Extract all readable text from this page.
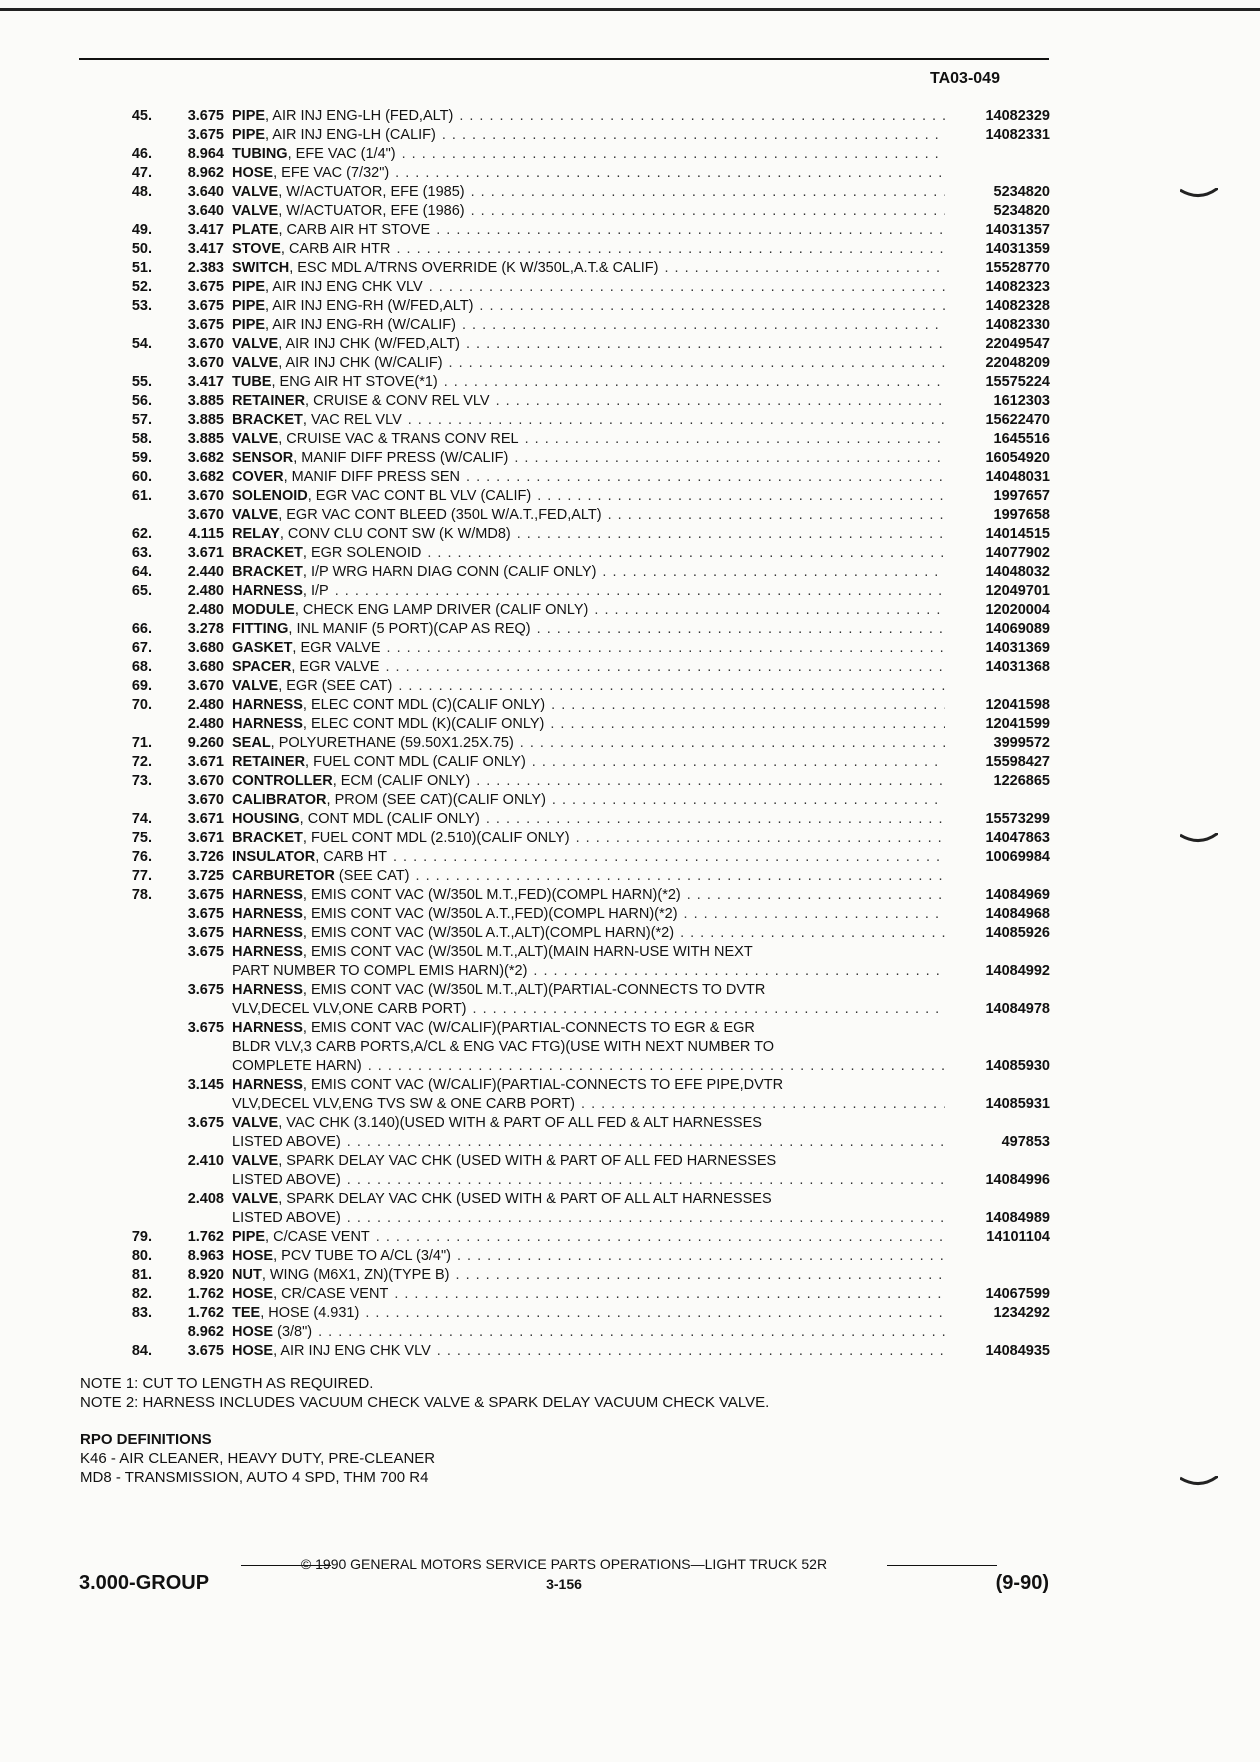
TA03-049
45.	3.675 PIPE, AIR INJ ENG-LH (FED,ALT) . . .	14082329
3.675 PIPE, AIR INJ ENG-LH (CALIF) . . .	14082331
46.	8.964 TUBING, EFE VAC (1/4")
. . .
47.	8.962 HOSE, EFE VAC (7/32")
. . .
48.	3.640 VALVE, W/ACTUATOR, EFE (1985) . . .	5234820
3.640 VALVE, W/ACTUATOR, EFE (1986) . . .	5234820
49.	3.417 PLATE, CARB AIR HT STOVE . . .	14031357
50.	3.417 STOVE, CARB AIR HTR . . .	14031359
51.	2.383 SWITCH, ESC MDL A/TRNS OVERRIDE (K W/350L,A.T.& CALIF) . . .	15528770
52.	3.675 PIPE, AIR INJ ENG CHK VLV . . .	14082323
53.	3.675 PIPE, AIR INJ ENG-RH (W/FED,ALT) . . .	14082328
3.675 PIPE, AIR INJ ENG-RH (W/CALIF) . . .	14082330
54.	3.670 VALVE, AIR INJ CHK (W/FED,ALT) . . .	22049547
3.670 VALVE, AIR INJ CHK (W/CALIF) . . .	22048209
55.	3.417 TUBE, ENG AIR HT STOVE(*1) . . .	15575224
56.	3.885 RETAINER, CRUISE & CONV REL VLV . . .	1612303
57.	3.885 BRACKET, VAC REL VLV . . .	15622470
58.	3.885 VALVE, CRUISE VAC & TRANS CONV REL . . .	1645516
59.	3.682 SENSOR, MANIF DIFF PRESS (W/CALIF) . . .	16054920
60.	3.682 COVER, MANIF DIFF PRESS SEN . . .	14048031
61.	3.670 SOLENOID, EGR VAC CONT BL VLV (CALIF) . . .	1997657
3.670 VALVE, EGR VAC CONT BLEED (350L W/A.T.,FED,ALT) . . .	1997658
62.	4.115 RELAY, CONV CLU CONT SW (K W/MD8) . . .	14014515
63.	3.671 BRACKET, EGR SOLENOID . . .	14077902
64.	2.440 BRACKET, I/P WRG HARN DIAG CONN (CALIF ONLY) . . .	14048032
65.	2.480 HARNESS, I/P . . .	12049701
2.480 MODULE, CHECK ENG LAMP DRIVER (CALIF ONLY) . . .	12020004
66.	3.278 FITTING, INL MANIF (5 PORT)(CAP AS REQ) . . .	14069089
67.	3.680 GASKET, EGR VALVE . . .	14031369
68.	3.680 SPACER, EGR VALVE . . .	14031368
69.	3.670 VALVE, EGR (SEE CAT)
. . .
70.	2.480 HARNESS, ELEC CONT MDL (C)(CALIF ONLY) . . .	12041598
2.480 HARNESS, ELEC CONT MDL (K)(CALIF ONLY) . . .	12041599
71.	9.260 SEAL, POLYURETHANE (59.50X1.25X.75) . . .	3999572
72.	3.671 RETAINER, FUEL CONT MDL (CALIF ONLY) . . .	15598427
73.	3.670 CONTROLLER, ECM (CALIF ONLY) . . .	1226865
3.670 CALIBRATOR, PROM (SEE CAT)(CALIF ONLY)
. . .
74.	3.671 HOUSING, CONT MDL (CALIF ONLY) . . .	15573299
75.	3.671 BRACKET, FUEL CONT MDL (2.510)(CALIF ONLY) . . .	14047863
76.	3.726 INSULATOR, CARB HT . . .	10069984
77.	3.725 CARBURETOR (SEE CAT)
. . .
78.	3.675 HARNESS, EMIS CONT VAC (W/350L M.T.,FED)(COMPL HARN)(*2) . . .	14084969
3.675 HARNESS, EMIS CONT VAC (W/350L A.T.,FED)(COMPL HARN)(*2) . . .	14084968
3.675 HARNESS, EMIS CONT VAC (W/350L A.T.,ALT)(COMPL HARN)(*2) . . .	14085926
3.675 HARNESS, EMIS CONT VAC (W/350L M.T.,ALT)(MAIN HARN-USE WITH NEXT
PART NUMBER TO COMPL EMIS HARN)(*2) . . .	14084992
3.675 HARNESS, EMIS CONT VAC (W/350L M.T.,ALT)(PARTIAL-CONNECTS TO DVTR
VLV,DECEL VLV,ONE CARB PORT) . . .	14084978
3.675 HARNESS, EMIS CONT VAC (W/CALIF)(PARTIAL-CONNECTS TO EGR & EGR
BLDR VLV,3 CARB PORTS,A/CL & ENG VAC FTG)(USE WITH NEXT NUMBER TO
COMPLETE HARN) . . .	14085930
3.145 HARNESS, EMIS CONT VAC (W/CALIF)(PARTIAL-CONNECTS TO EFE PIPE,DVTR
VLV,DECEL VLV,ENG TVS SW & ONE CARB PORT) . . .	14085931
3.675 VALVE, VAC CHK (3.140)(USED WITH & PART OF ALL FED & ALT HARNESSES
LISTED ABOVE) . . .	497853
2.410 VALVE, SPARK DELAY VAC CHK (USED WITH & PART OF ALL FED HARNESSES
LISTED ABOVE) . . .	14084996
2.408 VALVE, SPARK DELAY VAC CHK (USED WITH & PART OF ALL ALT HARNESSES
LISTED ABOVE) . . .	14084989
79.	1.762 PIPE, C/CASE VENT . . .	14101104
80.	8.963 HOSE, PCV TUBE TO A/CL (3/4")
. . .
81.	8.920 NUT, WING (M6X1, ZN)(TYPE B)
. . .
82.	1.762 HOSE, CR/CASE VENT . . .	14067599
83.	1.762 TEE, HOSE (4.931) . . .	1234292
8.962 HOSE (3/8")
. . .
84.	3.675 HOSE, AIR INJ ENG CHK VLV . . .	14084935
NOTE 1: CUT TO LENGTH AS REQUIRED.
NOTE 2: HARNESS INCLUDES VACUUM CHECK VALVE & SPARK DELAY VACUUM CHECK VALVE.
RPO DEFINITIONS
K46 - AIR CLEANER, HEAVY DUTY, PRE-CLEANER
MD8 - TRANSMISSION, AUTO 4 SPD, THM 700 R4
© 1990 GENERAL MOTORS SERVICE PARTS OPERATIONS—LIGHT TRUCK 52R
3.000-GROUP	3-156	(9-90)
